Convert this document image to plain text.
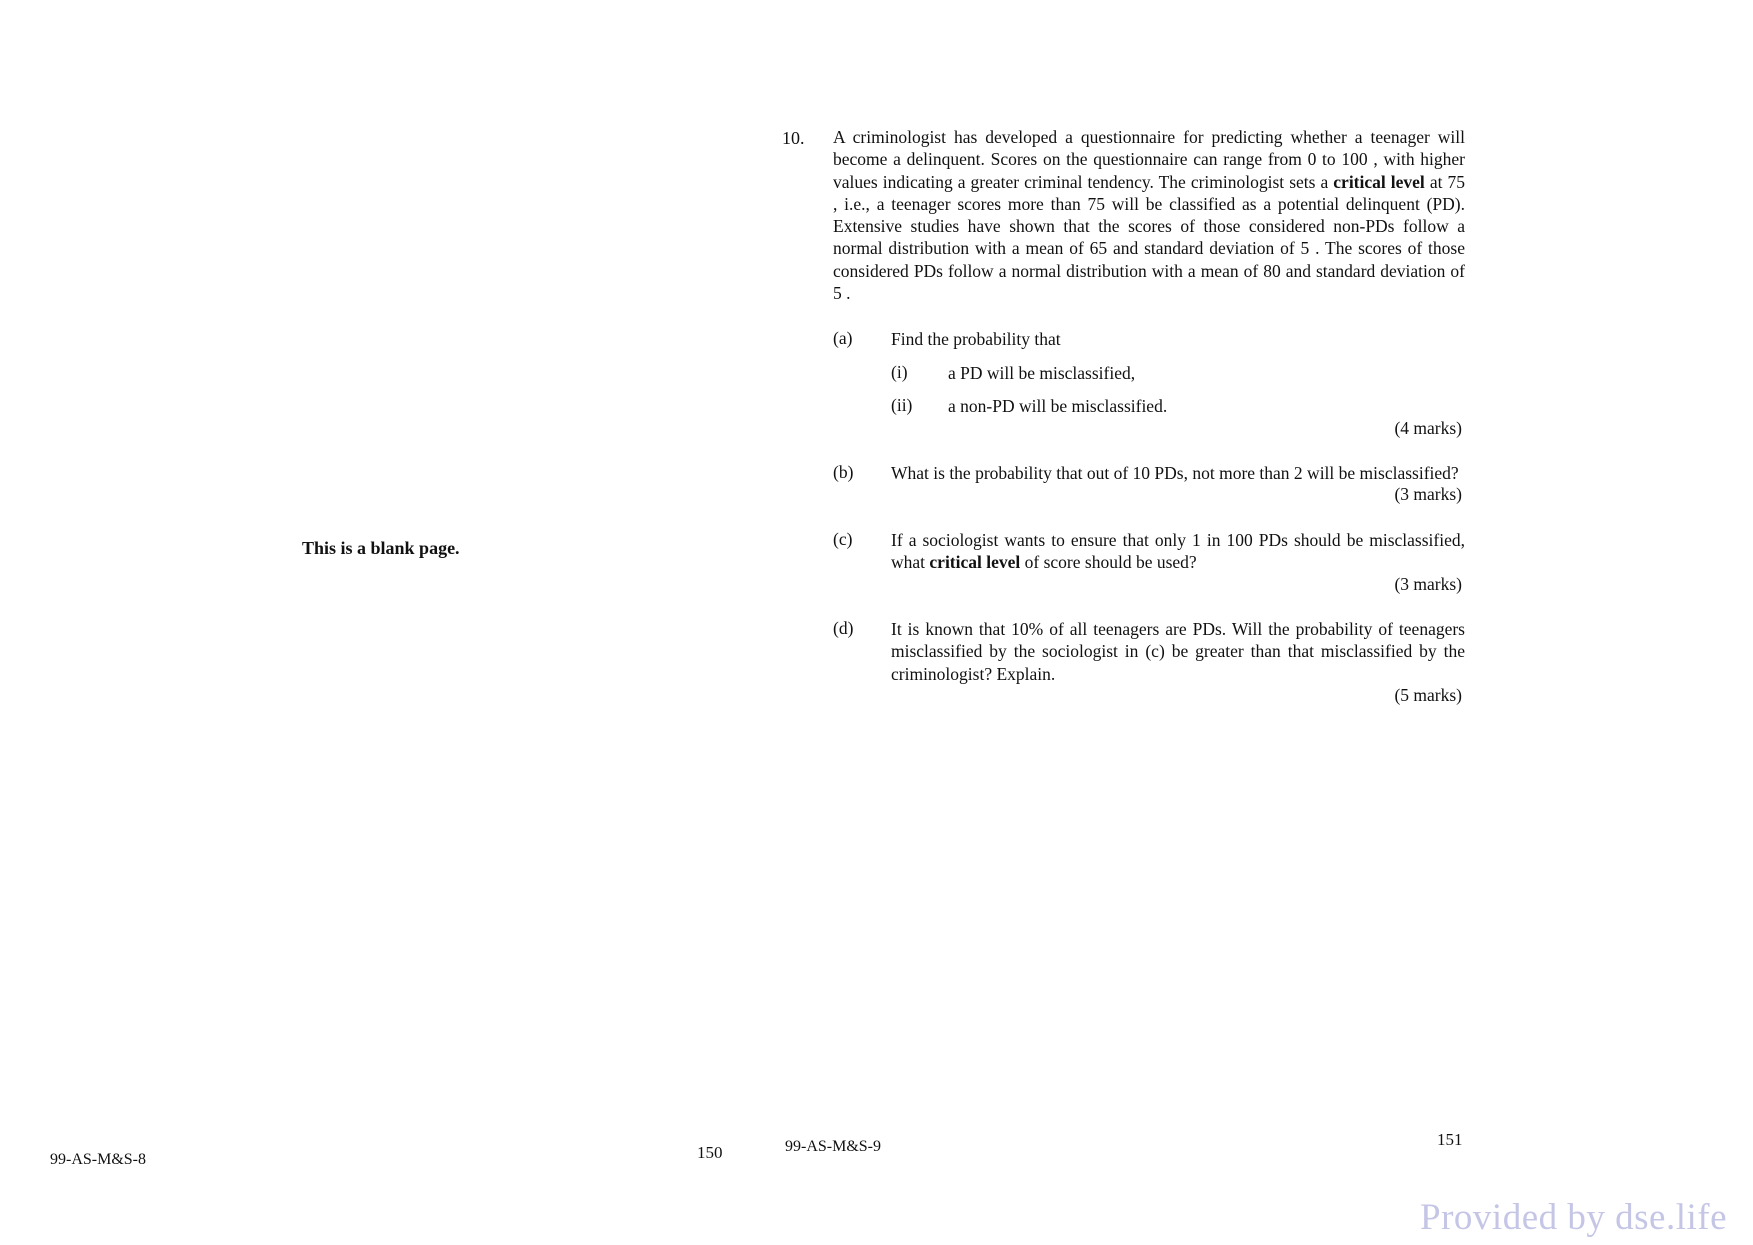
This is a blank page.
99-AS-M&S-8	150
10. A criminologist has developed a questionnaire for predicting whether a teenager will become a delinquent. Scores on the questionnaire can range from 0 to 100 , with higher values indicating a greater criminal tendency. The criminologist sets a critical level at 75 , i.e., a teenager scores more than 75 will be classified as a potential delinquent (PD). Extensive studies have shown that the scores of those considered non-PDs follow a normal distribution with a mean of 65 and standard deviation of 5 . The scores of those considered PDs follow a normal distribution with a mean of 80 and standard deviation of 5 .
(a) Find the probability that
(i) a PD will be misclassified,
(ii) a non-PD will be misclassified.
(4 marks)
(b) What is the probability that out of 10 PDs, not more than 2 will be misclassified?
(3 marks)
(c) If a sociologist wants to ensure that only 1 in 100 PDs should be misclassified, what critical level of score should be used?
(3 marks)
(d) It is known that 10% of all teenagers are PDs. Will the probability of teenagers misclassified by the sociologist in (c) be greater than that misclassified by the criminologist? Explain.
(5 marks)
99-AS-M&S-9	151
Provided by dse.life
